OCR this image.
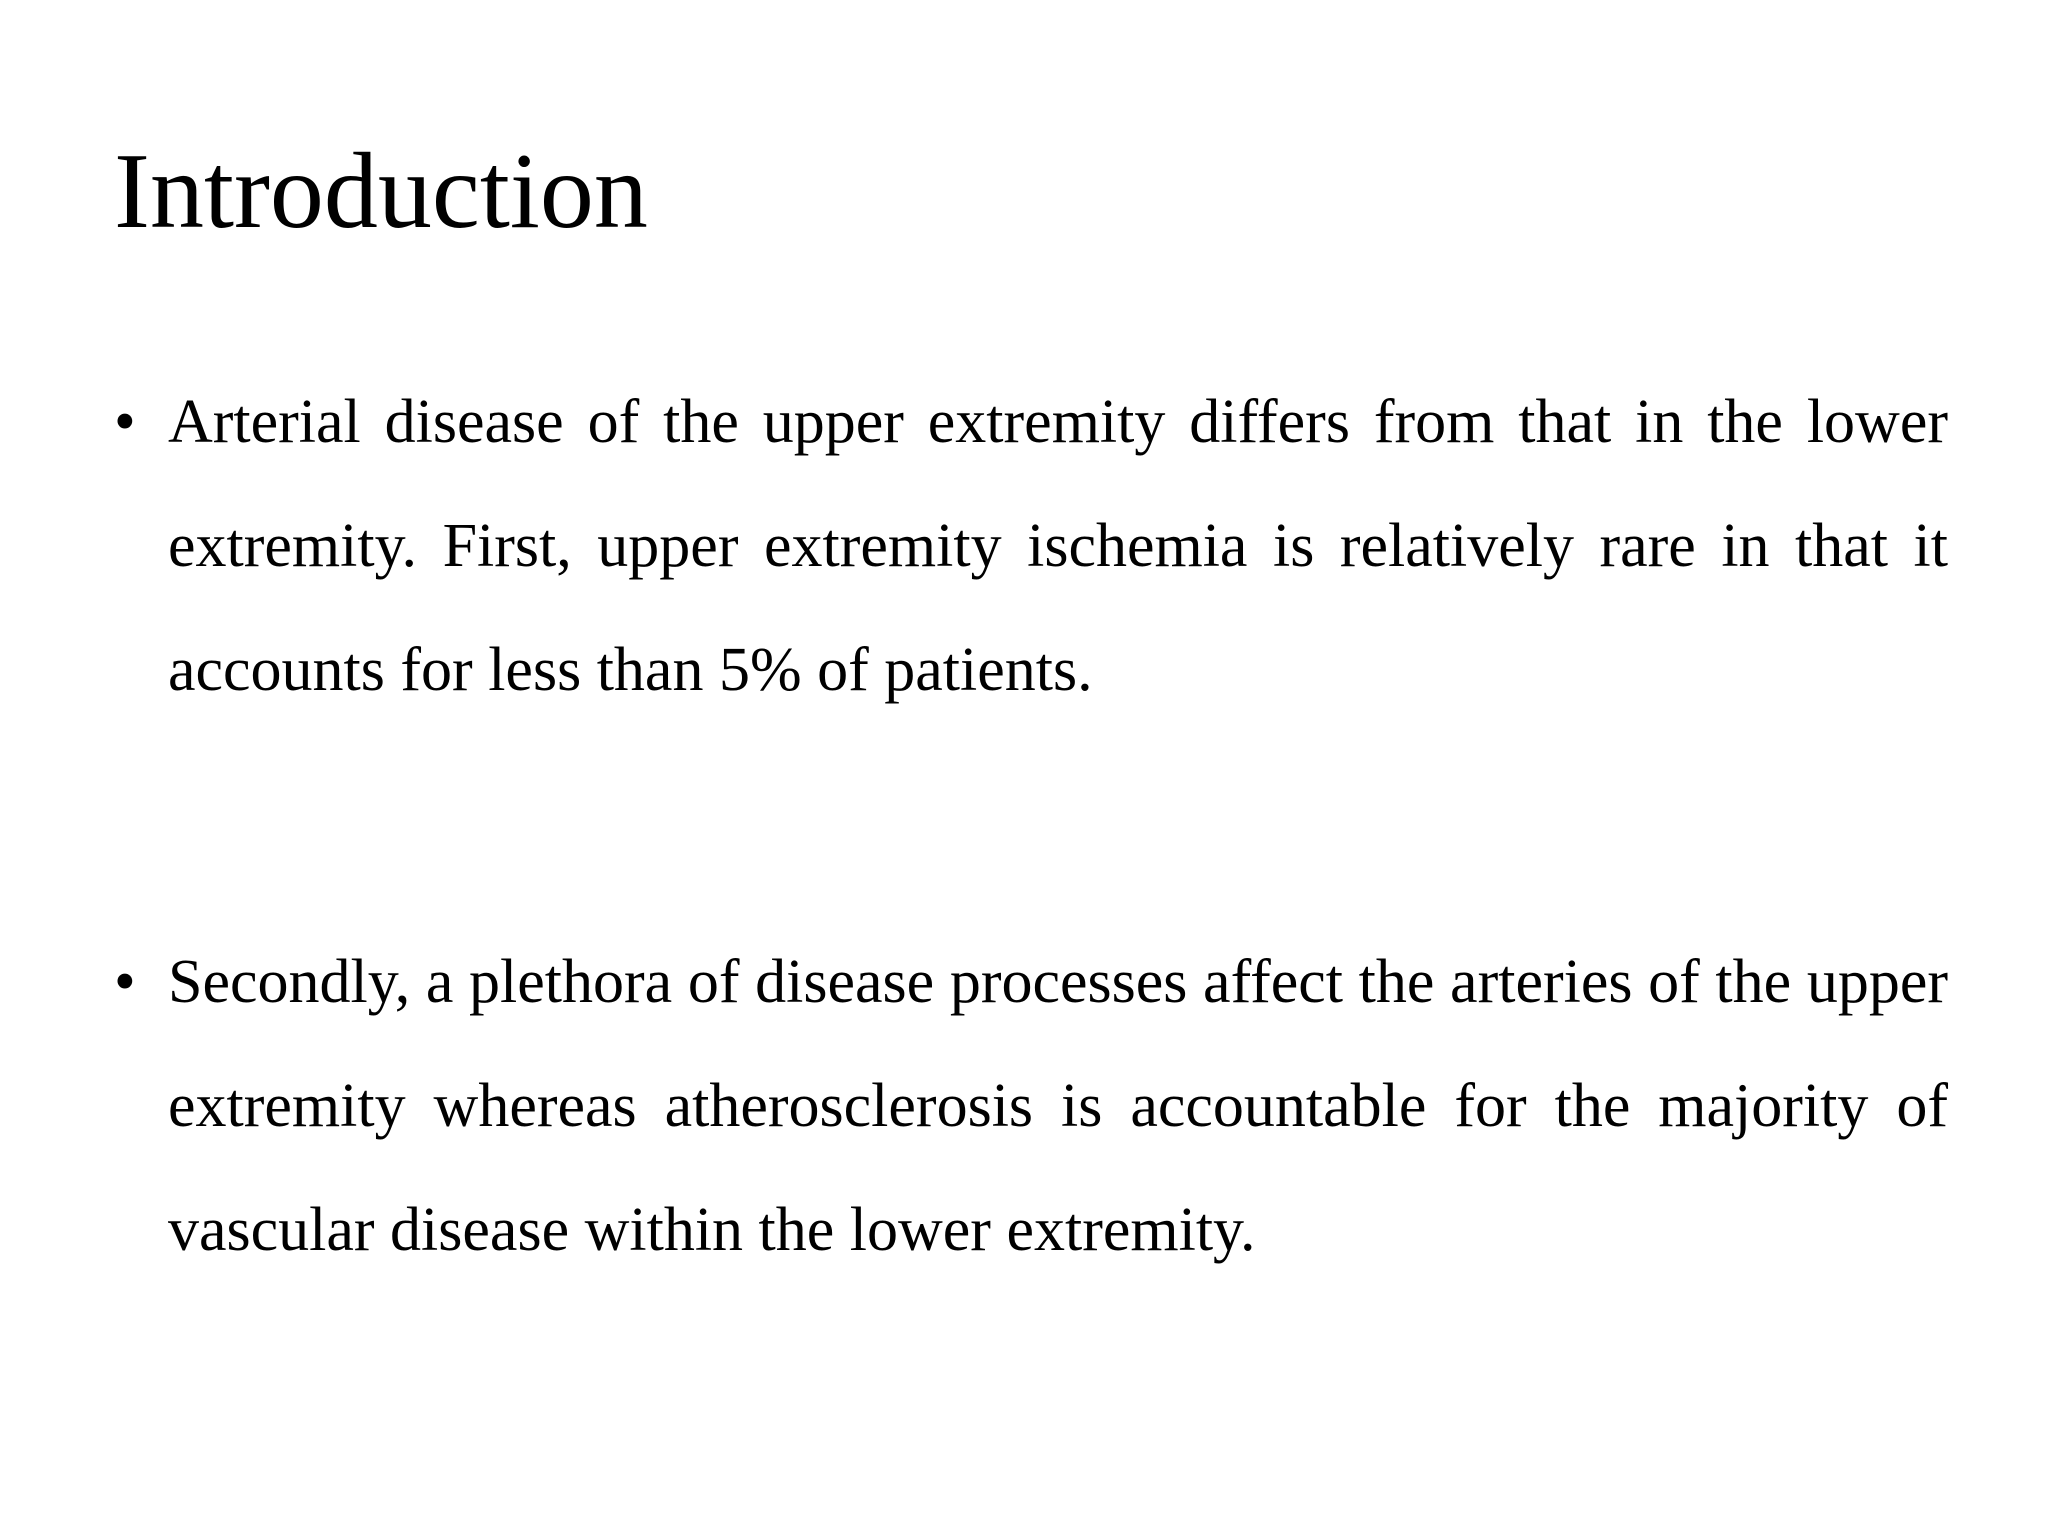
Introduction
• Arterial disease of the upper extremity differs from that in the lower extremity. First, upper extremity ischemia is relatively rare in that it accounts for less than 5% of patients.
• Secondly, a plethora of disease processes affect the arteries of the upper extremity whereas atherosclerosis is accountable for the majority of vascular disease within the lower extremity.
